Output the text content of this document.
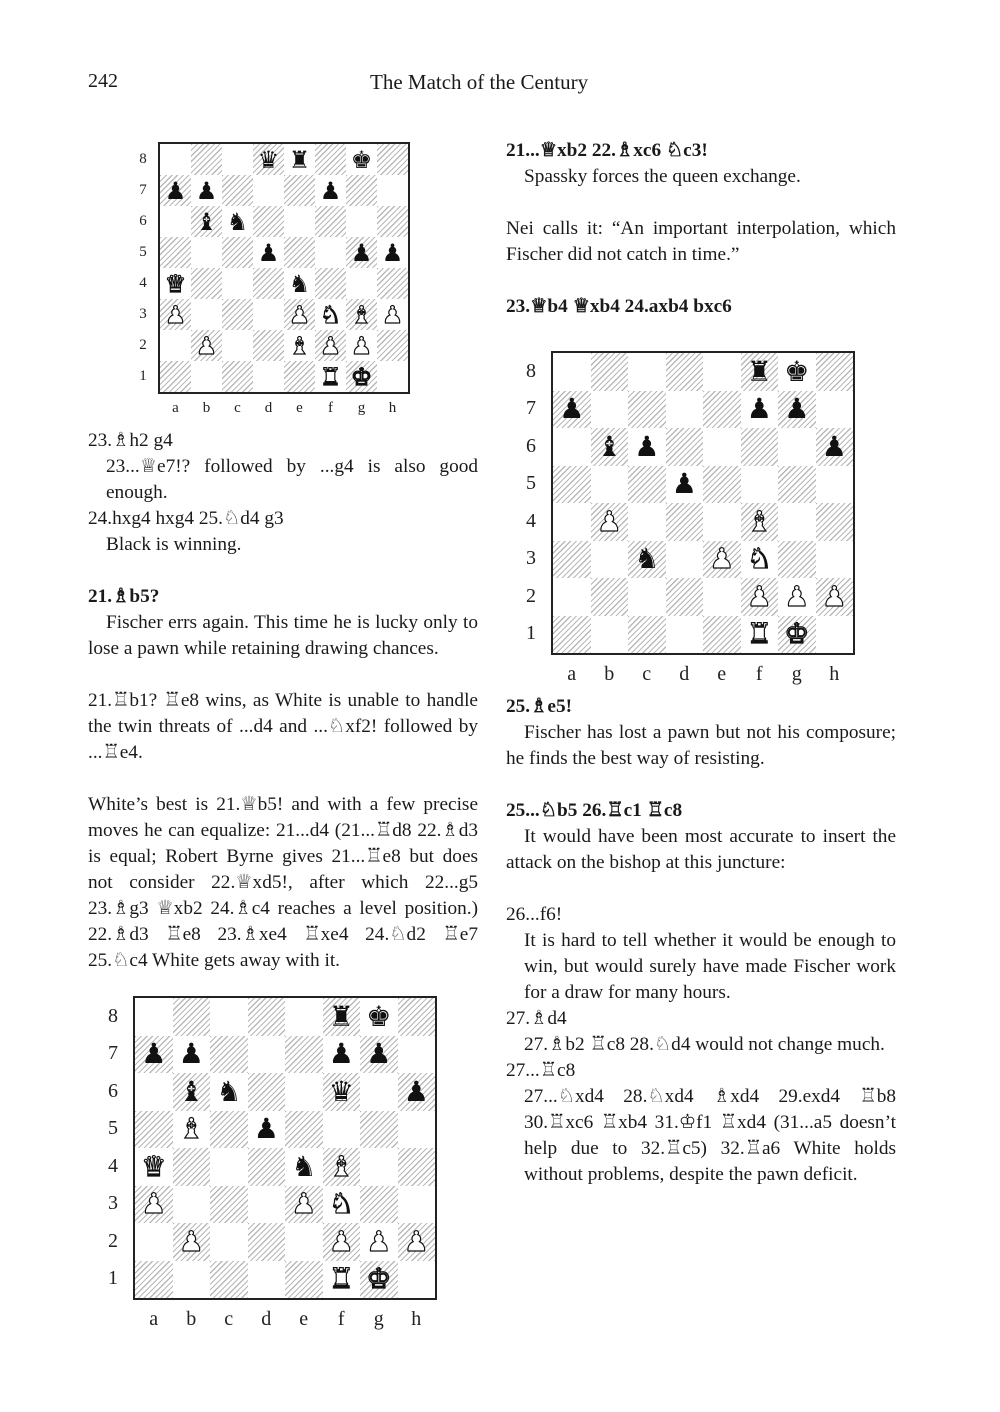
242	The Match of the Century
♛ ♜ ♚
♟ ♟	♟
♝ ♞
♟	♟ ♟
♛	♞
♟	♟ ♞ ♝ ♟
♟	♝ ♟ ♟
♜ ♚
8
7
6
5
4
3
2
1
a	b	c	d	e	f	g	h
♜ ♚
♟ ♟	♟ ♟
♝ ♞	♛ ♟
♝ ♟
♛	♞ ♝
♟	♟ ♞
♟	♟ ♟ ♟
♜ ♚
8
7
6
5
4
3
2
1
a	b	c	d	e	f	g	h
♜ ♚
♟	♟ ♟
♝ ♟	♟
♟
♟	♝
♞ ♟ ♞
♟ ♟ ♟
♜ ♚
8
7
6
5
4
3
2
1
a	b	c	d	e	f	g	h

23.♗h2 g4

23...♕e7!? followed by ...g4 is also good enough.

24.hxg4 hxg4 25.♘d4 g3

Black is winning.

21.♗b5?

Fischer errs again. This time he is lucky only to lose a pawn while retaining drawing chances.

21.♖b1? ♖e8 wins, as White is unable to handle the twin threats of ...d4 and ...♘xf2! followed by ...♖e4.

White’s best is 21.♕b5! and with a few precise moves he can equalize: 21...d4 (21...♖d8 22.♗d3 is equal; Robert Byrne gives 21...♖e8 but does not consider 22.♕xd5!, after which 22...g5 23.♗g3 ♕xb2 24.♗c4 reaches a level position.) 22.♗d3 ♖e8 23.♗xe4 ♖xe4 24.♘d2 ♖e7 25.♘c4 White gets away with it.

21...♕xb2 22.♗xc6 ♘c3!

Spassky forces the queen exchange.

Nei calls it: “An important interpolation, which Fischer did not catch in time.”

23.♕b4 ♕xb4 24.axb4 bxc6

25.♗e5!

Fischer has lost a pawn but not his composure; he finds the best way of resisting.

25...♘b5 26.♖c1 ♖c8

It would have been most accurate to insert the attack on the bishop at this juncture:

26...f6!

It is hard to tell whether it would be enough to win, but would surely have made Fischer work for a draw for many hours.

27.♗d4

27.♗b2 ♖c8 28.♘d4 would not change much.

27...♖c8

27...♘xd4 28.♘xd4 ♗xd4 29.exd4 ♖b8 30.♖xc6 ♖xb4 31.♔f1 ♖xd4 (31...a5 doesn’t help due to 32.♖c5) 32.♖a6 White holds without problems, despite the pawn deficit.
